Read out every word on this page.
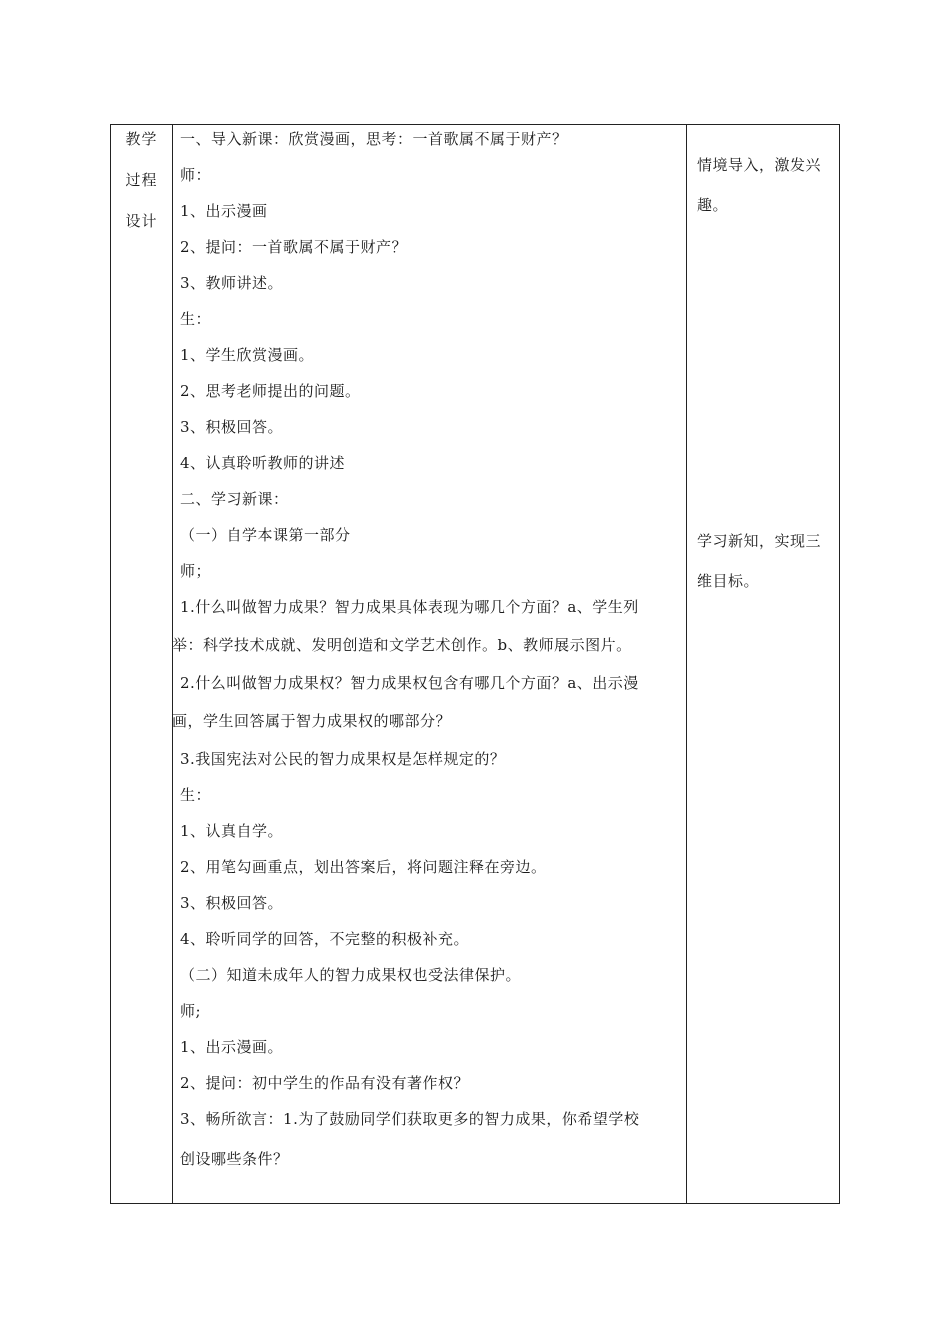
教学
过程
设计
一、导入新课：欣赏漫画，思考：一首歌属不属于财产？
师：
1、出示漫画
2、提问：一首歌属不属于财产？
3、教师讲述。
生：
1、学生欣赏漫画。
2、思考老师提出的问题。
3、积极回答。
4、认真聆听教师的讲述
二、学习新课：
（一）自学本课第一部分
师；
1.什么叫做智力成果？智力成果具体表现为哪几个方面？a、学生列
举：科学技术成就、发明创造和文学艺术创作。b、教师展示图片。
2.什么叫做智力成果权？智力成果权包含有哪几个方面？a、出示漫
画，学生回答属于智力成果权的哪部分？
3.我国宪法对公民的智力成果权是怎样规定的？
生：
1、认真自学。
2、用笔勾画重点，划出答案后，将问题注释在旁边。
3、积极回答。
4、聆听同学的回答，不完整的积极补充。
（二）知道未成年人的智力成果权也受法律保护。
师;
1、出示漫画。
2、提问：初中学生的作品有没有著作权？
3、畅所欲言：1.为了鼓励同学们获取更多的智力成果，你希望学校
创设哪些条件？
情境导入，激发兴
趣。
学习新知，实现三
维目标。
